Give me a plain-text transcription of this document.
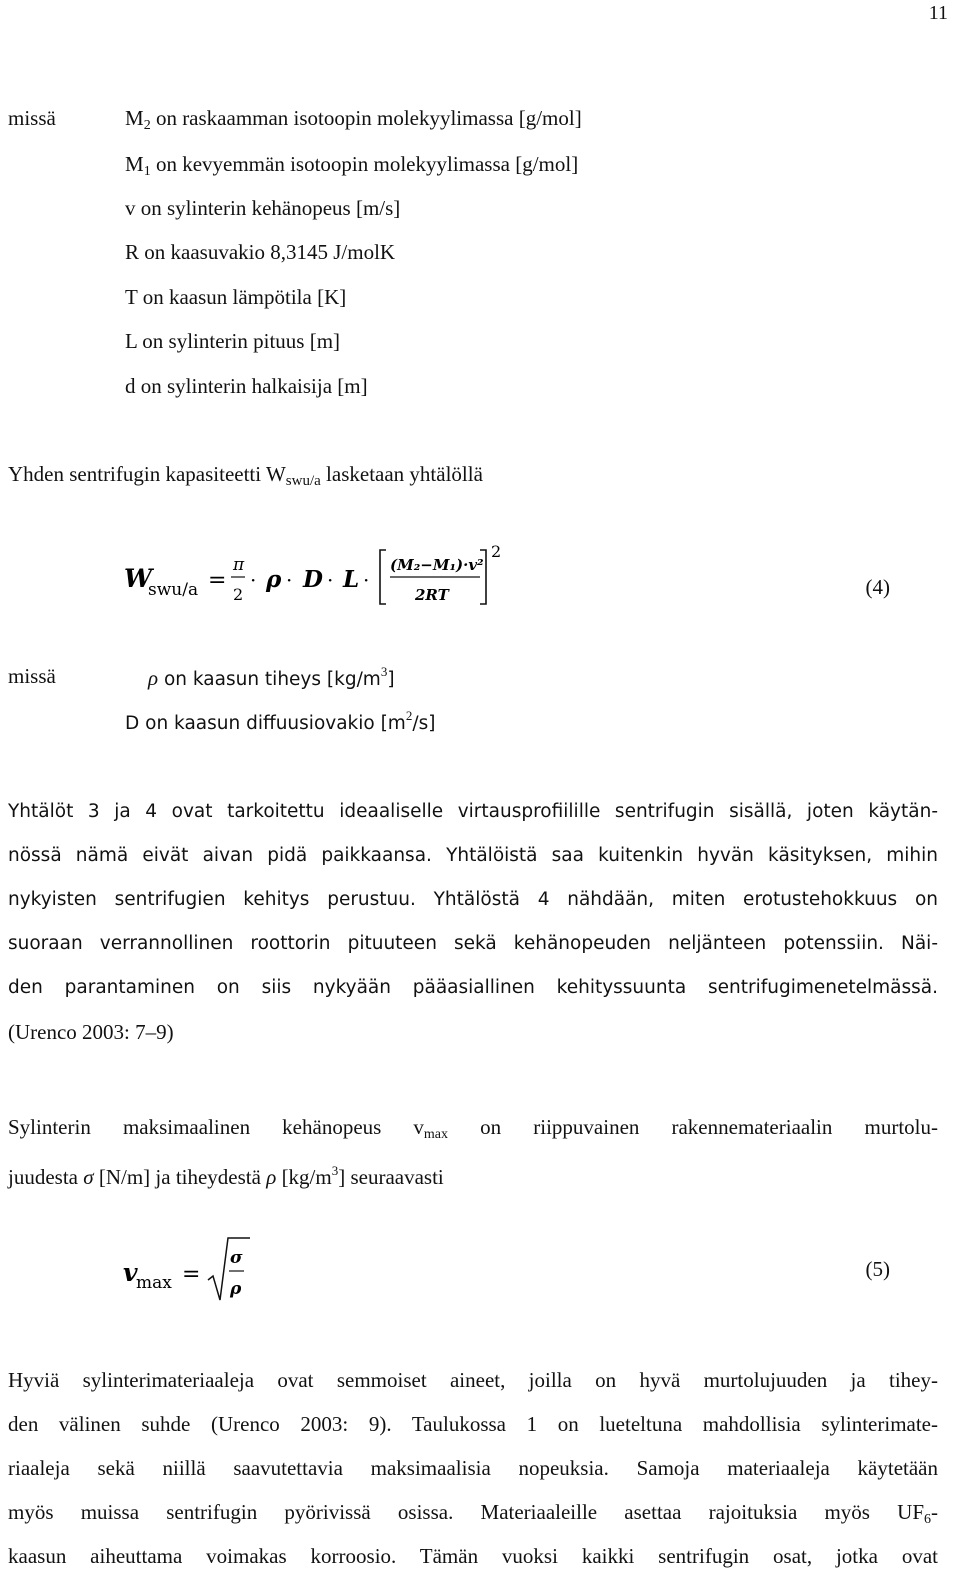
11
missä	$M_2$ on raskaamman isotoopin molekyylimassa [g/mol]
$M_1$ on kevyemmän isotoopin molekyylimassa [g/mol]
v on sylinterin kehänopeus [m/s]
R on kaasuvakio 8,3145 J/molK
T on kaasun lämpötila [K]
L on sylinterin pituus [m]
d on sylinterin halkaisija [m]
Yhden sentrifugin kapasiteetti $W_{swu/a}$ lasketaan yhtälöllä
W
swu/a =
π
2
· ρ · D · L ·
(M₂−M₁)·v²
2RT
2
(4)
missä	ρ on kaasun tiheys $[kg/m^3]$
D on kaasun diffuusiovakio $[m^2/s]$
Yhtälöt 3 ja 4 ovat tarkoitettu ideaaliselle virtausprofiilille sentrifugin sisällä, joten käytän-
nössä nämä eivät aivan pidä paikkaansa. Yhtälöistä saa kuitenkin hyvän käsityksen, mihin
nykyisten sentrifugien kehitys perustuu. Yhtälöstä 4 nähdään, miten erotustehokkuus on
suoraan verrannollinen roottorin pituuteen sekä kehänopeuden neljänteen potenssiin. Näi-
den parantaminen on siis nykyään pääasiallinen kehityssuunta sentrifugimenetelmässä.
(Urenco 2003: 7–9)
Sylinterin maksimaalinen kehänopeus $v_{max}$ on riippuvainen rakennemateriaalin murtolu-
juudesta σ [N/m] ja tiheydestä ρ $[kg/m^3]$ seuraavasti
v
max =
σ
ρ
(5)
Hyviä sylinterimateriaaleja ovat semmoiset aineet, joilla on hyvä murtolujuuden ja tihey-
den välinen suhde (Urenco 2003: 9). Taulukossa 1 on lueteltuna mahdollisia sylinterimate-
riaaleja sekä niillä saavutettavia maksimaalisia nopeuksia. Samoja materiaaleja käytetään
myös muissa sentrifugin pyörivissä osissa. Materiaaleille asettaa rajoituksia myös $UF_6-$
kaasun aiheuttama voimakas korroosio. Tämän vuoksi kaikki sentrifugin osat, jotka ovat
